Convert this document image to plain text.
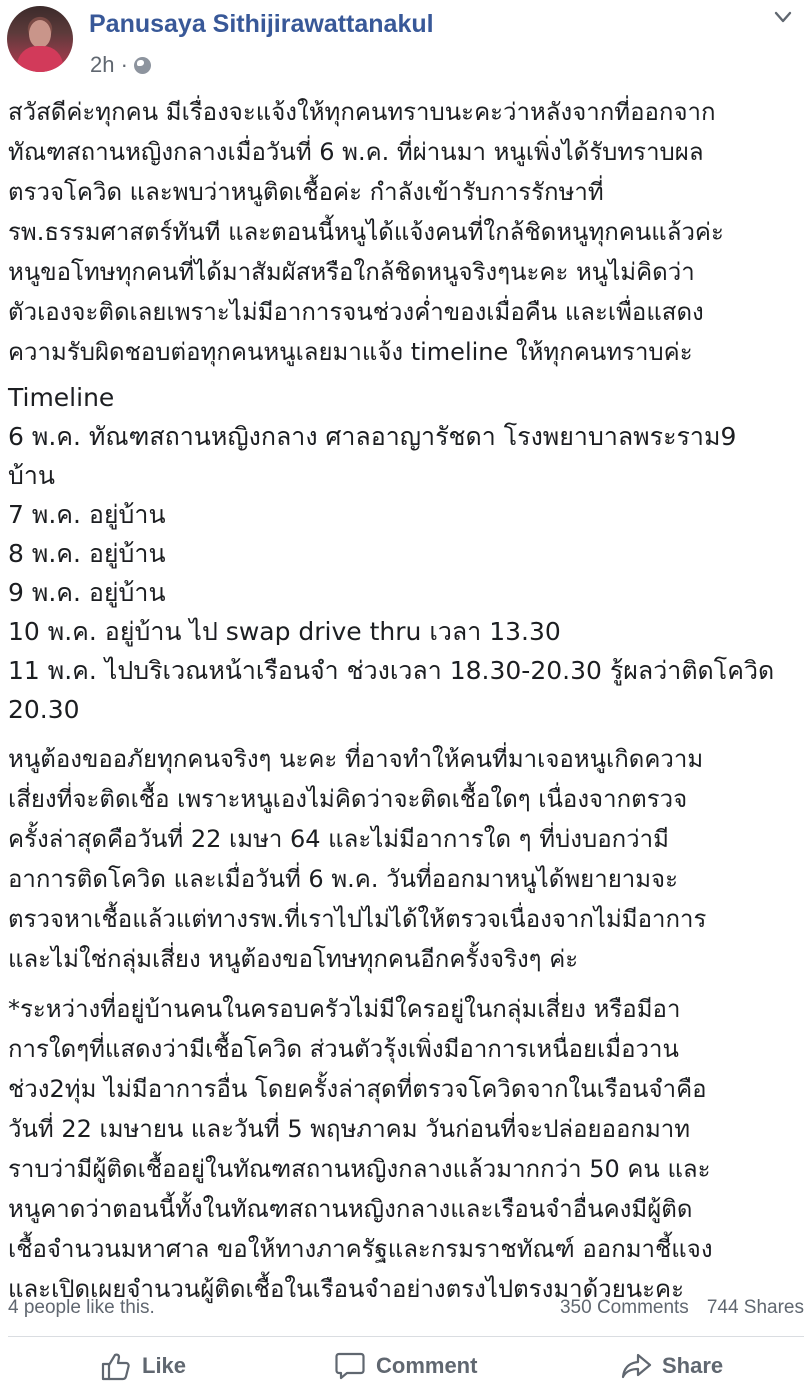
Panusaya Sithijirawattanakul
2h ·
สวัสดีค่ะทุกคน มีเรื่องจะแจ้งให้ทุกคนทราบนะคะว่าหลังจากที่ออกจาก
ทัณฑสถานหญิงกลางเมื่อวันที่ 6 พ.ค. ที่ผ่านมา หนูเพิ่งได้รับทราบผล
ตรวจโควิด และพบว่าหนูติดเชื้อค่ะ กำลังเข้ารับการรักษาที่
รพ.ธรรมศาสตร์ทันที และตอนนี้หนูได้แจ้งคนที่ใกล้ชิดหนูทุกคนแล้วค่ะ
หนูขอโทษทุกคนที่ได้มาสัมผัสหรือใกล้ชิดหนูจริงๆนะคะ หนูไม่คิดว่า
ตัวเองจะติดเลยเพราะไม่มีอาการจนช่วงค่ำของเมื่อคืน และเพื่อแสดง
ความรับผิดชอบต่อทุกคนหนูเลยมาแจ้ง timeline ให้ทุกคนทราบค่ะ
Timeline
6 พ.ค. ทัณฑสถานหญิงกลาง ศาลอาญารัชดา โรงพยาบาลพระราม9
บ้าน
7 พ.ค. อยู่บ้าน
8 พ.ค. อยู่บ้าน
9 พ.ค. อยู่บ้าน
10 พ.ค. อยู่บ้าน ไป swap drive thru เวลา 13.30
11 พ.ค. ไปบริเวณหน้าเรือนจำ ช่วงเวลา 18.30-20.30 รู้ผลว่าติดโควิด
20.30
หนูต้องขออภัยทุกคนจริงๆ นะคะ ที่อาจทำให้คนที่มาเจอหนูเกิดความ
เสี่ยงที่จะติดเชื้อ เพราะหนูเองไม่คิดว่าจะติดเชื้อใดๆ เนื่องจากตรวจ
ครั้งล่าสุดคือวันที่ 22 เมษา 64 และไม่มีอาการใด ๆ ที่บ่งบอกว่ามี
อาการติดโควิด และเมื่อวันที่ 6 พ.ค. วันที่ออกมาหนูได้พยายามจะ
ตรวจหาเชื้อแล้วแต่ทางรพ.ที่เราไปไม่ได้ให้ตรวจเนื่องจากไม่มีอาการ
และไม่ใช่กลุ่มเสี่ยง หนูต้องขอโทษทุกคนอีกครั้งจริงๆ ค่ะ
*ระหว่างที่อยู่บ้านคนในครอบครัวไม่มีใครอยู่ในกลุ่มเสี่ยง หรือมีอา
การใดๆที่แสดงว่ามีเชื้อโควิด ส่วนตัวรุ้งเพิ่งมีอาการเหนื่อยเมื่อวาน
ช่วง2ทุ่ม ไม่มีอาการอื่น โดยครั้งล่าสุดที่ตรวจโควิดจากในเรือนจำคือ
วันที่ 22 เมษายน และวันที่ 5 พฤษภาคม วันก่อนที่จะปล่อยออกมาท
ราบว่ามีผู้ติดเชื้ออยู่ในทัณฑสถานหญิงกลางแล้วมากกว่า 50 คน และ
หนูคาดว่าตอนนี้ทั้งในทัณฑสถานหญิงกลางและเรือนจำอื่นคงมีผู้ติด
เชื้อจำนวนมหาศาล ขอให้ทางภาครัฐและกรมราชทัณฑ์ ออกมาชี้แจง
และเปิดเผยจำนวนผู้ติดเชื้อในเรือนจำอย่างตรงไปตรงมาด้วยนะคะ
4 people like this.	350 Comments 744 Shares
Like	Comment	Share
